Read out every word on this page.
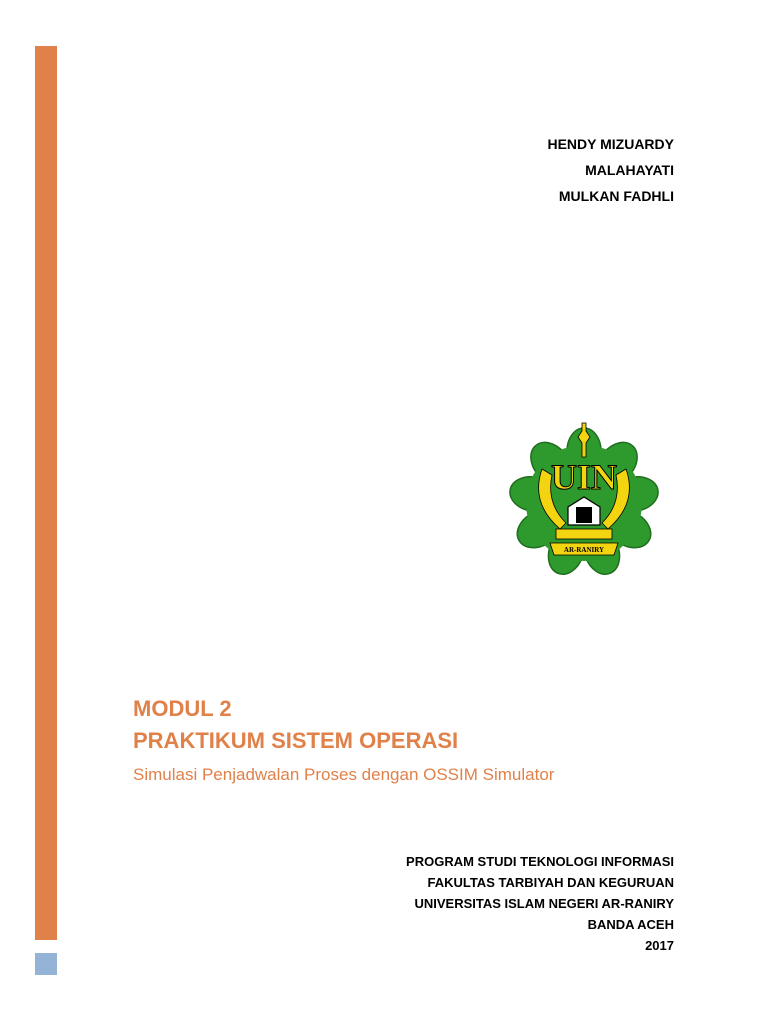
HENDY MIZUARDY
MALAHAYATI
MULKAN FADHLI
UIN
AR-RANIRY
MODUL 2
PRAKTIKUM SISTEM OPERASI
Simulasi Penjadwalan Proses dengan OSSIM Simulator
PROGRAM STUDI TEKNOLOGI INFORMASI
FAKULTAS TARBIYAH DAN KEGURUAN
UNIVERSITAS ISLAM NEGERI AR-RANIRY
BANDA ACEH
2017
